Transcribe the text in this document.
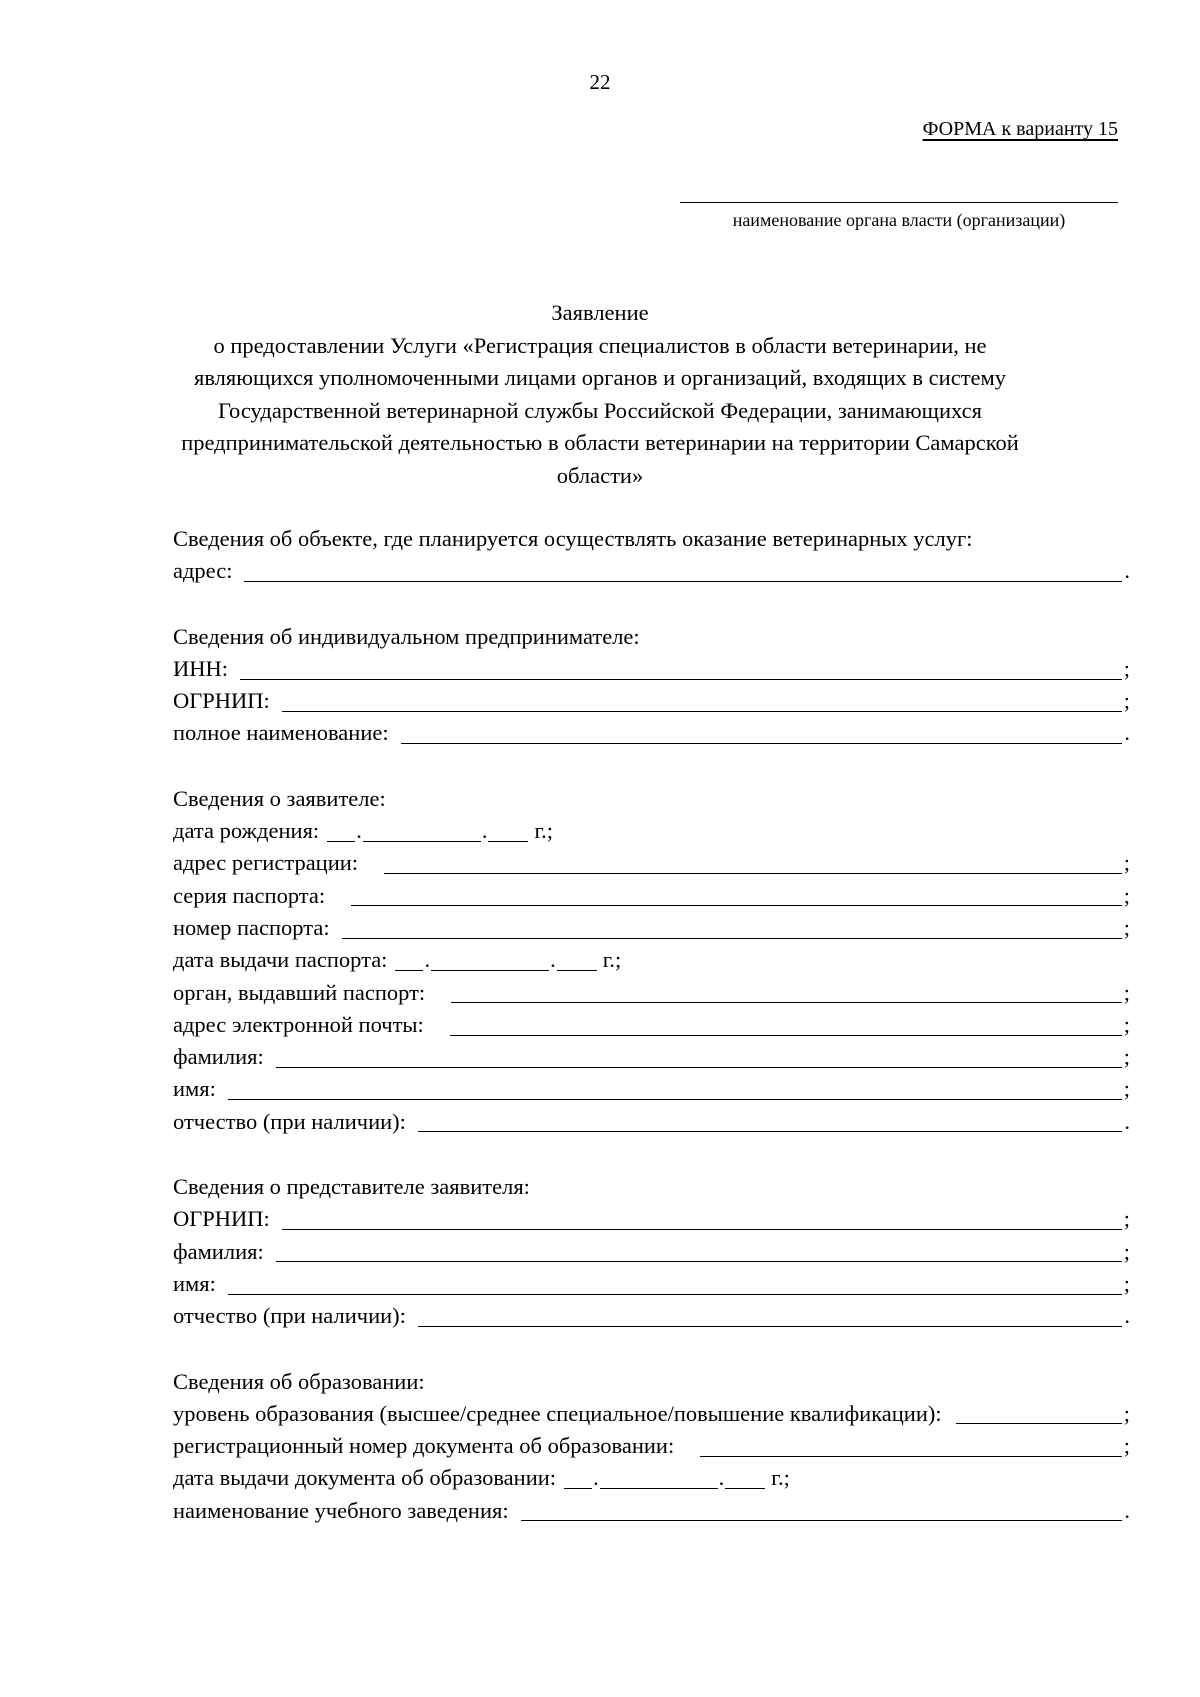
22
ФОРМА к варианту 15
наименование органа власти (организации)
Заявление
о предоставлении Услуги «Регистрация специалистов в области ветеринарии, не
являющихся уполномоченными лицами органов и организаций, входящих в систему
Государственной ветеринарной службы Российской Федерации, занимающихся
предпринимательской деятельностью в области ветеринарии на территории Самарской
области»
Сведения об объекте, где планируется осуществлять оказание ветеринарных услуг:
адрес:	.
Сведения об индивидуальном предпринимателе:
ИНН:	;
ОГРНИП:	;
полное наименование:	.
Сведения о заявителе:
дата рождения: .	. г.;
адрес регистрации:	;
серия паспорта:	;
номер паспорта:	;
дата выдачи паспорта: .	. г.;
орган, выдавший паспорт:	;
адрес электронной почты:	;
фамилия:	;
имя:	;
отчество (при наличии):	.
Сведения о представителе заявителя:
ОГРНИП:	;
фамилия:	;
имя:	;
отчество (при наличии):	.
Сведения об образовании:
уровень образования (высшее/среднее специальное/повышение квалификации):	;
регистрационный номер документа об образовании:	;
дата выдачи документа об образовании: .	. г.;
наименование учебного заведения:	.
